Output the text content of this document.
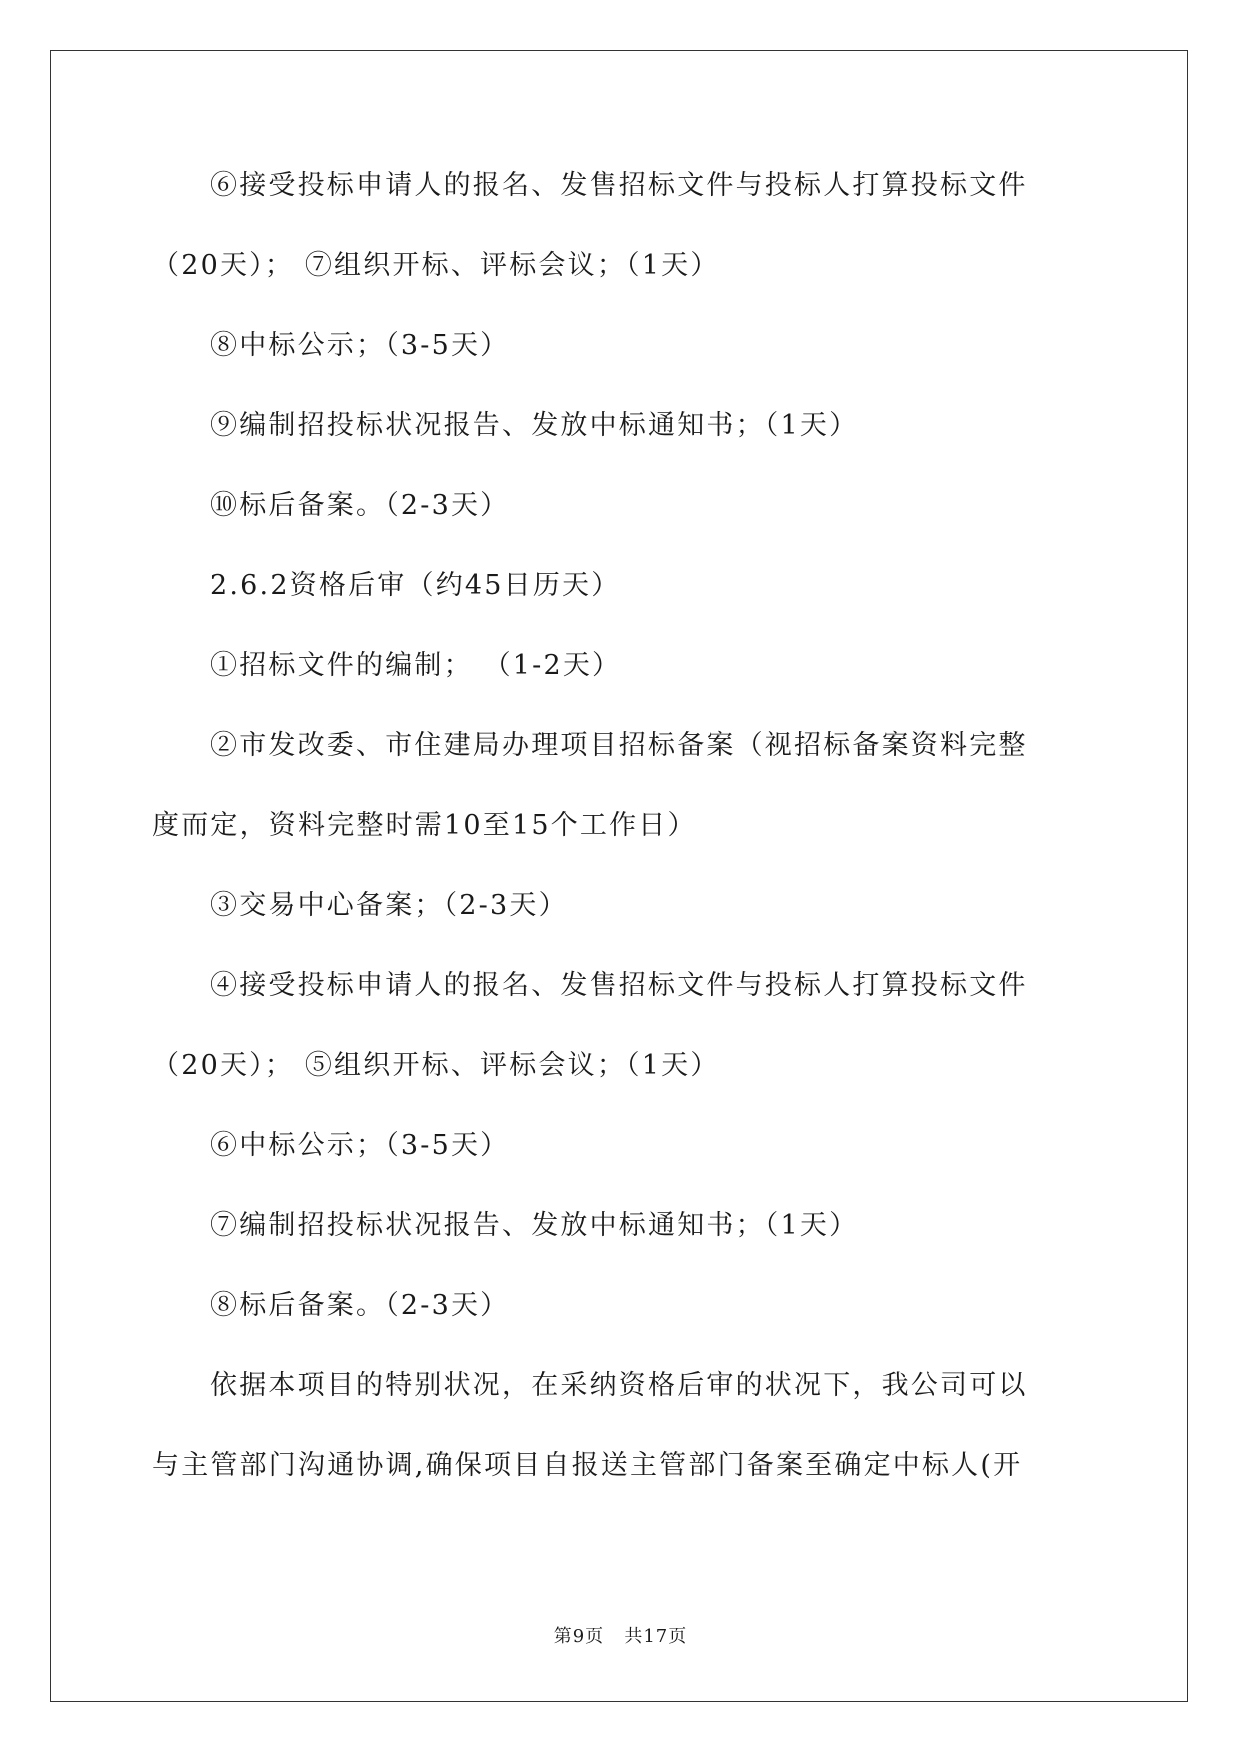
⑥接受投标申请人的报名、发售招标文件与投标人打算投标文件
（20天）； ⑦组织开标、评标会议；（1天）
⑧中标公示；（3-5天）
⑨编制招投标状况报告、发放中标通知书；（1天）
⑩标后备案。（2-3天）
2.6.2资格后审（约45日历天）
①招标文件的编制； （1-2天）
②市发改委、市住建局办理项目招标备案（视招标备案资料完整
度而定，资料完整时需10至15个工作日）
③交易中心备案；（2-3天）
④接受投标申请人的报名、发售招标文件与投标人打算投标文件
（20天）； ⑤组织开标、评标会议；（1天）
⑥中标公示；（3-5天）
⑦编制招投标状况报告、发放中标通知书；（1天）
⑧标后备案。（2-3天）
依据本项目的特别状况，在采纳资格后审的状况下，我公司可以
与主管部门沟通协调,确保项目自报送主管部门备案至确定中标人(开
第9页   共17页
